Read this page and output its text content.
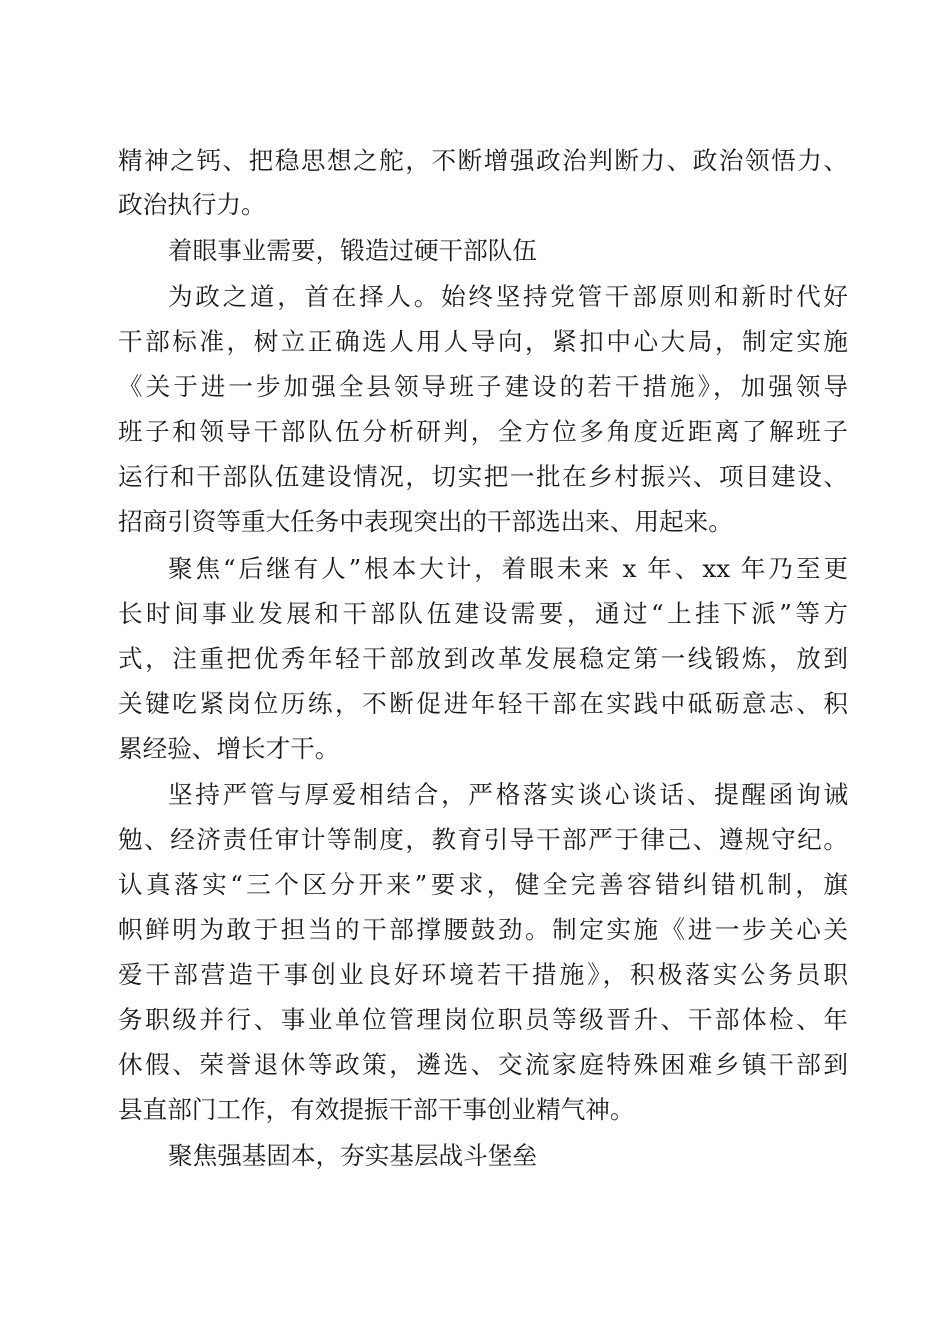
精神之钙、把稳思想之舵，不断增强政治判断力、政治领悟力、
政治执行力。
着眼事业需要，锻造过硬干部队伍
为政之道，首在择人。始终坚持党管干部原则和新时代好
干部标准，树立正确选人用人导向，紧扣中心大局，制定实施
《关于进一步加强全县领导班子建设的若干措施》，加强领导
班子和领导干部队伍分析研判，全方位多角度近距离了解班子
运行和干部队伍建设情况，切实把一批在乡村振兴、项目建设、
招商引资等重大任务中表现突出的干部选出来、用起来。
聚焦“后继有人”根本大计，着眼未来 x 年、xx 年乃至更
长时间事业发展和干部队伍建设需要，通过“上挂下派”等方
式，注重把优秀年轻干部放到改革发展稳定第一线锻炼，放到
关键吃紧岗位历练，不断促进年轻干部在实践中砥砺意志、积
累经验、增长才干。
坚持严管与厚爱相结合，严格落实谈心谈话、提醒函询诫
勉、经济责任审计等制度，教育引导干部严于律己、遵规守纪。
认真落实“三个区分开来”要求，健全完善容错纠错机制，旗
帜鲜明为敢于担当的干部撑腰鼓劲。制定实施《进一步关心关
爱干部营造干事创业良好环境若干措施》，积极落实公务员职
务职级并行、事业单位管理岗位职员等级晋升、干部体检、年
休假、荣誉退休等政策，遴选、交流家庭特殊困难乡镇干部到
县直部门工作，有效提振干部干事创业精气神。
聚焦强基固本，夯实基层战斗堡垒
